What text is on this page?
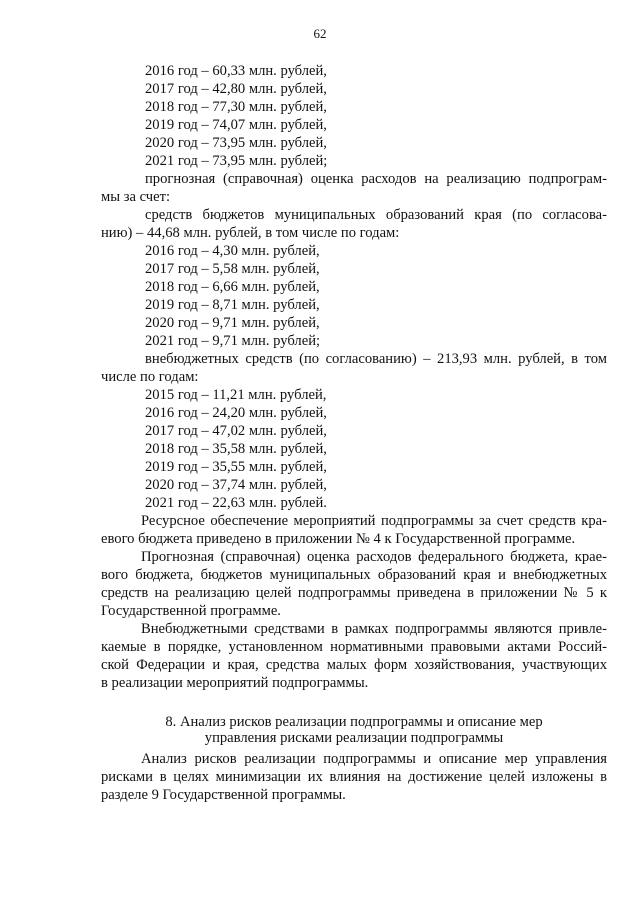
62
2016 год – 60,33 млн. рублей,
2017 год – 42,80 млн. рублей,
2018 год – 77,30 млн. рублей,
2019 год – 74,07 млн. рублей,
2020 год – 73,95 млн. рублей,
2021 год – 73,95 млн. рублей;
прогнозная (справочная) оценка расходов на реализацию подпрограм-
мы за счет:
средств бюджетов муниципальных образований края (по согласова-
нию) – 44,68 млн. рублей, в том числе по годам:
2016 год – 4,30 млн. рублей,
2017 год – 5,58 млн. рублей,
2018 год – 6,66 млн. рублей,
2019 год – 8,71 млн. рублей,
2020 год – 9,71 млн. рублей,
2021 год – 9,71 млн. рублей;
внебюджетных средств (по согласованию) – 213,93 млн. рублей, в том
числе по годам:
2015 год – 11,21 млн. рублей,
2016 год – 24,20 млн. рублей,
2017 год – 47,02 млн. рублей,
2018 год – 35,58 млн. рублей,
2019 год – 35,55 млн. рублей,
2020 год – 37,74 млн. рублей,
2021 год – 22,63 млн. рублей.
Ресурсное обеспечение мероприятий подпрограммы за счет средств кра-
евого бюджета приведено в приложении № 4 к Государственной программе.
Прогнозная (справочная) оценка расходов федерального бюджета, крае-
вого бюджета, бюджетов муниципальных образований края и внебюджетных
средств на реализацию целей подпрограммы приведена в приложении № 5 к
Государственной программе.
Внебюджетными средствами в рамках подпрограммы являются привле-
каемые в порядке, установленном нормативными правовыми актами Россий-
ской Федерации и края, средства малых форм хозяйствования, участвующих
в реализации мероприятий подпрограммы.
8. Анализ рисков реализации подпрограммы и описание мер
управления рисками реализации подпрограммы
Анализ рисков реализации подпрограммы и описание мер управления
рисками в целях минимизации их влияния на достижение целей изложены в
разделе 9 Государственной программы.
